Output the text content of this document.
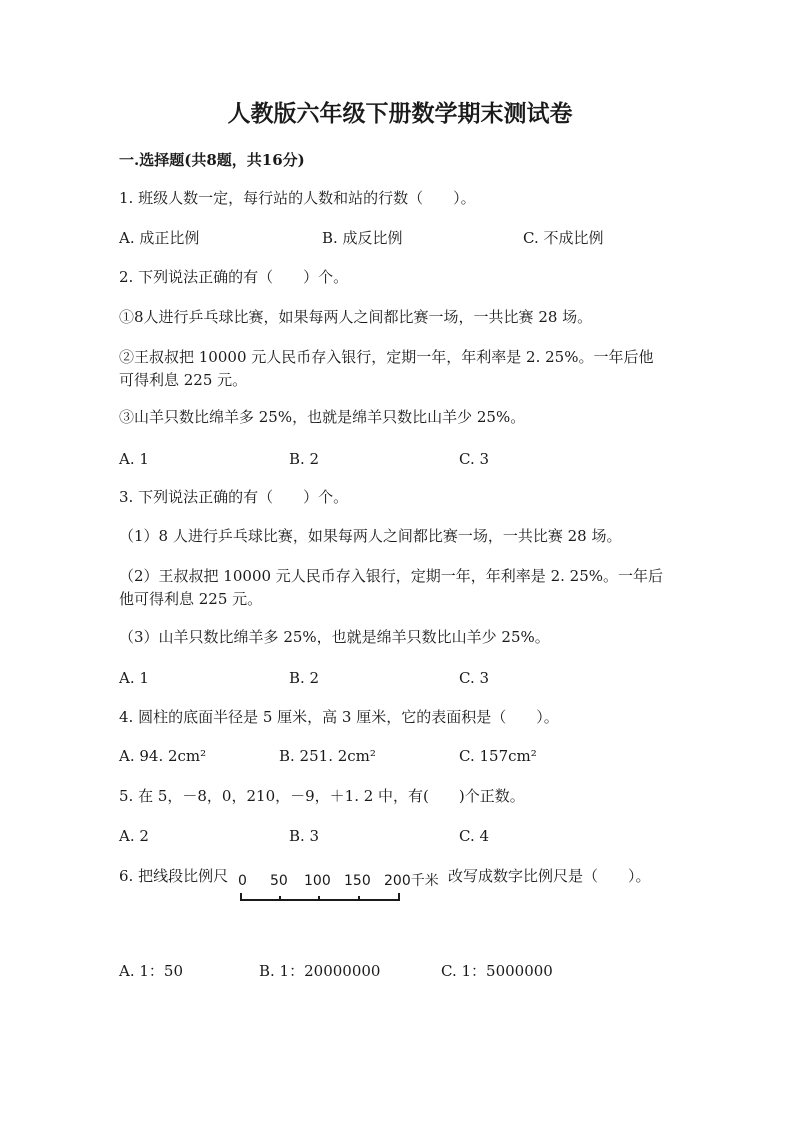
人教版六年级下册数学期末测试卷
一.选择题(共8题，共16分)
1. 班级人数一定，每行站的人数和站的行数（　　）。
A. 成正比例	B. 成反比例	C. 不成比例
2. 下列说法正确的有（　　）个。
①8人进行乒乓球比赛，如果每两人之间都比赛一场，一共比赛 28 场。
②王叔叔把 10000 元人民币存入银行，定期一年，年利率是 2. 25%。一年后他
可得利息 225 元。
③山羊只数比绵羊多 25%，也就是绵羊只数比山羊少 25%。
A. 1	B. 2	C. 3
3. 下列说法正确的有（　　）个。
（1）8 人进行乒乓球比赛，如果每两人之间都比赛一场，一共比赛 28 场。
（2）王叔叔把 10000 元人民币存入银行，定期一年，年利率是 2. 25%。一年后
他可得利息 225 元。
（3）山羊只数比绵羊多 25%，也就是绵羊只数比山羊少 25%。
A. 1	B. 2	C. 3
4. 圆柱的底面半径是 5 厘米，高 3 厘米，它的表面积是（　　）。
A. 94. 2cm²	B. 251. 2cm²	C. 157cm²
5. 在 5，－8，0，210，－9，＋1. 2 中，有(　　)个正数。
A. 2	B. 3	C. 4
6. 把线段比例尺 0 50 100 150 200千米 改写成数字比例尺是（　　）。
A. 1：50	B. 1：20000000	C. 1：5000000
